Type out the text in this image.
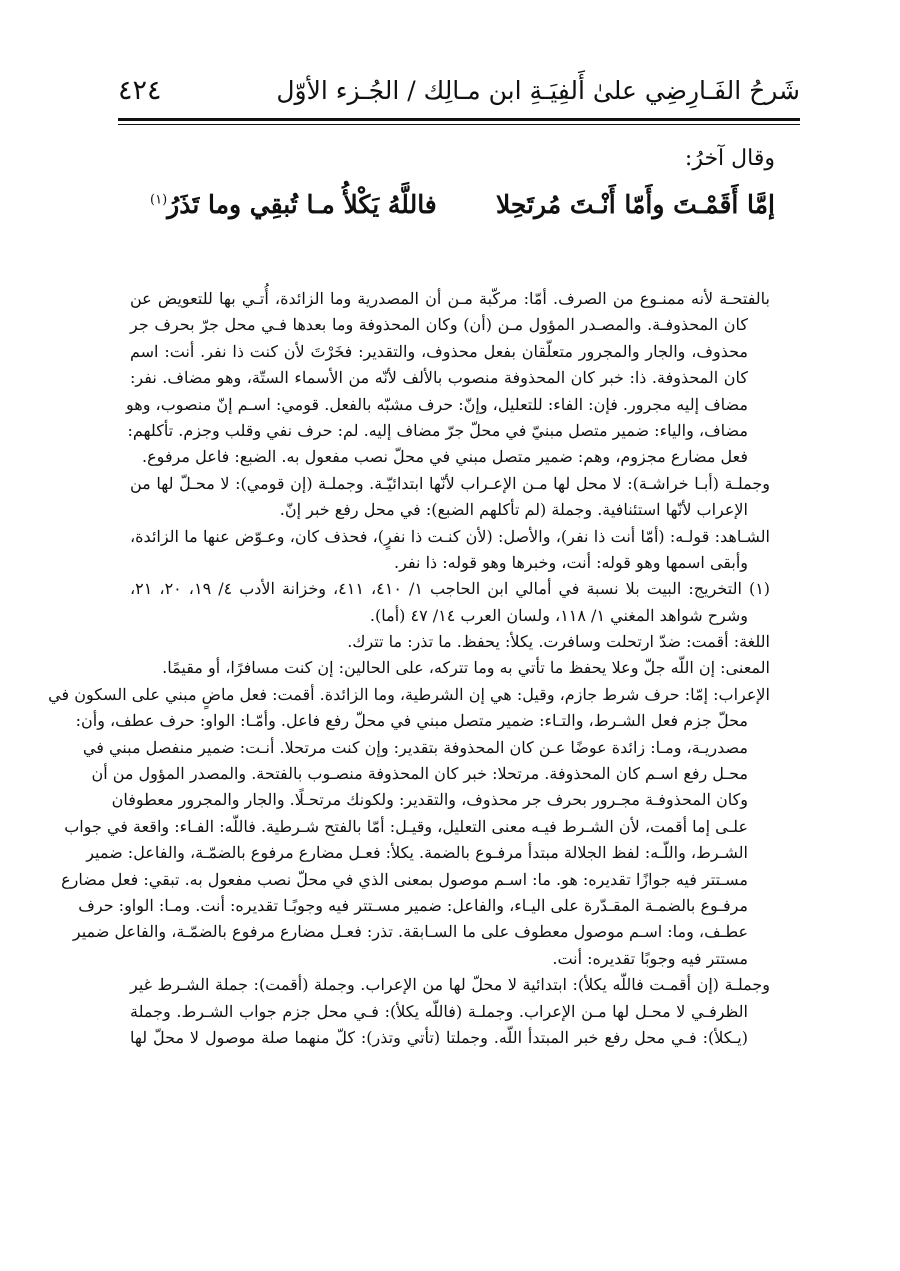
شَرحُ الفَـارِضِي علىٰ أَلفِيَـةِ ابن مـالِك / الجُـزء الأوّل
٤٢٤
وقال آخرُ:
إمَّا أَقَمْـتَ وأَمّا أَنْـتَ مُرتَحِلا
فاللَّهُ يَكْلأُ مـا تُبقِي وما تَذَرُ$^{(١)}$
بالفتحـة لأنه ممنـوع من الصرف. أمّا: مركّبة مـن أن المصدرية وما الزائدة، أُتـي بها للتعويض عن
كان المحذوفـة. والمصـدر المؤول مـن (أن) وكان المحذوفة وما بعدها فـي محل جرّ بحرف جر
محذوف، والجار والمجرور متعلّقان بفعل محذوف، والتقدير: فخَرْتَ لأن كنت ذا نفر. أنت: اسم
كان المحذوفة. ذا: خبر كان المحذوفة منصوب بالألف لأنّه من الأسماء الستّة، وهو مضاف. نفر:
مضاف إليه مجرور. فإن: الفاء: للتعليل، وإنّ: حرف مشبّه بالفعل. قومي: اسـم إنّ منصوب، وهو
مضاف، والياء: ضمير متصل مبنيّ في محلّ جرّ مضاف إليه. لم: حرف نفي وقلب وجزم. تأكلهم:
فعل مضارع مجزوم، وهم: ضمير متصل مبني في محلّ نصب مفعول به. الضبع: فاعل مرفوع.
وجملـة (أبـا خراشـة): لا محل لها مـن الإعـراب لأنّها ابتدائيّـة. وجملـة (إن قومي): لا محـلّ لها من
الإعراب لأنّها استئنافية. وجملة (لم تأكلهم الضبع): في محل رفع خبر إنّ.
الشـاهد: قولـه: (أمّا أنت ذا نفر)، والأصل: (لأن كنـت ذا نفرٍ)، فحذف كان، وعـوّض عنها ما الزائدة،
وأبقى اسمها وهو قوله: أنت، وخبرها وهو قوله: ذا نفر.
(١) التخريج: البيت بلا نسبة في أمالي ابن الحاجب ١/ ٤١٠، ٤١١، وخزانة الأدب ٤/ ١٩، ٢٠، ٢١،
وشرح شواهد المغني ١/ ١١٨، ولسان العرب ١٤/ ٤٧ (أما).
اللغة: أقمت: ضدّ ارتحلت وسافرت. يكلأ: يحفظ. ما تذر: ما تترك.
المعنى: إن اللّه جلّ وعلا يحفظ ما تأتي به وما تتركه، على الحالين: إن كنت مسافرًا، أو مقيمًا.
الإعراب: إمّا: حرف شرط جازم، وقيل: هي إن الشرطية، وما الزائدة. أقمت: فعل ماضٍ مبني على السكون في
محلّ جزم فعل الشـرط، والتـاء: ضمير متصل مبني في محلّ رفع فاعل. وأمّـا: الواو: حرف عطف، وأن:
مصدريـة، ومـا: زائدة عوضًا عـن كان المحذوفة بتقدير: وإن كنت مرتحلا. أنـت: ضمير منفصل مبني في
محـل رفع اسـم كان المحذوفة. مرتحلا: خبر كان المحذوفة منصـوب بالفتحة. والمصدر المؤول من أن
وكان المحذوفـة مجـرور بحرف جر محذوف، والتقدير: ولكونك مرتحـلًا. والجار والمجرور معطوفان
علـى إما أقمت، لأن الشـرط فيـه معنى التعليل، وقيـل: أمّا بالفتح شـرطية. فاللّه: الفـاء: واقعة في جواب
الشـرط، واللّـه: لفظ الجلالة مبتدأ مرفـوع بالضمة. يكلأ: فعـل مضارع مرفوع بالضمّـة، والفاعل: ضمير
مسـتتر فيه جوازًا تقديره: هو. ما: اسـم موصول بمعنى الذي في محلّ نصب مفعول به. تبقي: فعل مضارع
مرفـوع بالضمـة المقـدّرة على اليـاء، والفاعل: ضمير مسـتتر فيه وجوبًـا تقديره: أنت. ومـا: الواو: حرف
عطـف، وما: اسـم موصول معطوف على ما السـابقة. تذر: فعـل مضارع مرفوع بالضمّـة، والفاعل ضمير
مستتر فيه وجوبًا تقديره: أنت.
وجملـة (إن أقمـت فاللّه يكلأ): ابتدائية لا محلّ لها من الإعراب. وجملة (أقمت): جملة الشـرط غير
الظرفـي لا محـل لها مـن الإعراب. وجملـة (فاللّه يكلأ): فـي محل جزم جواب الشـرط. وجملة
(يـكلأ): فـي محل رفع خبر المبتدأ اللّه. وجملتا (تأتي وتذر): كلّ منهما صلة موصول لا محلّ لها
